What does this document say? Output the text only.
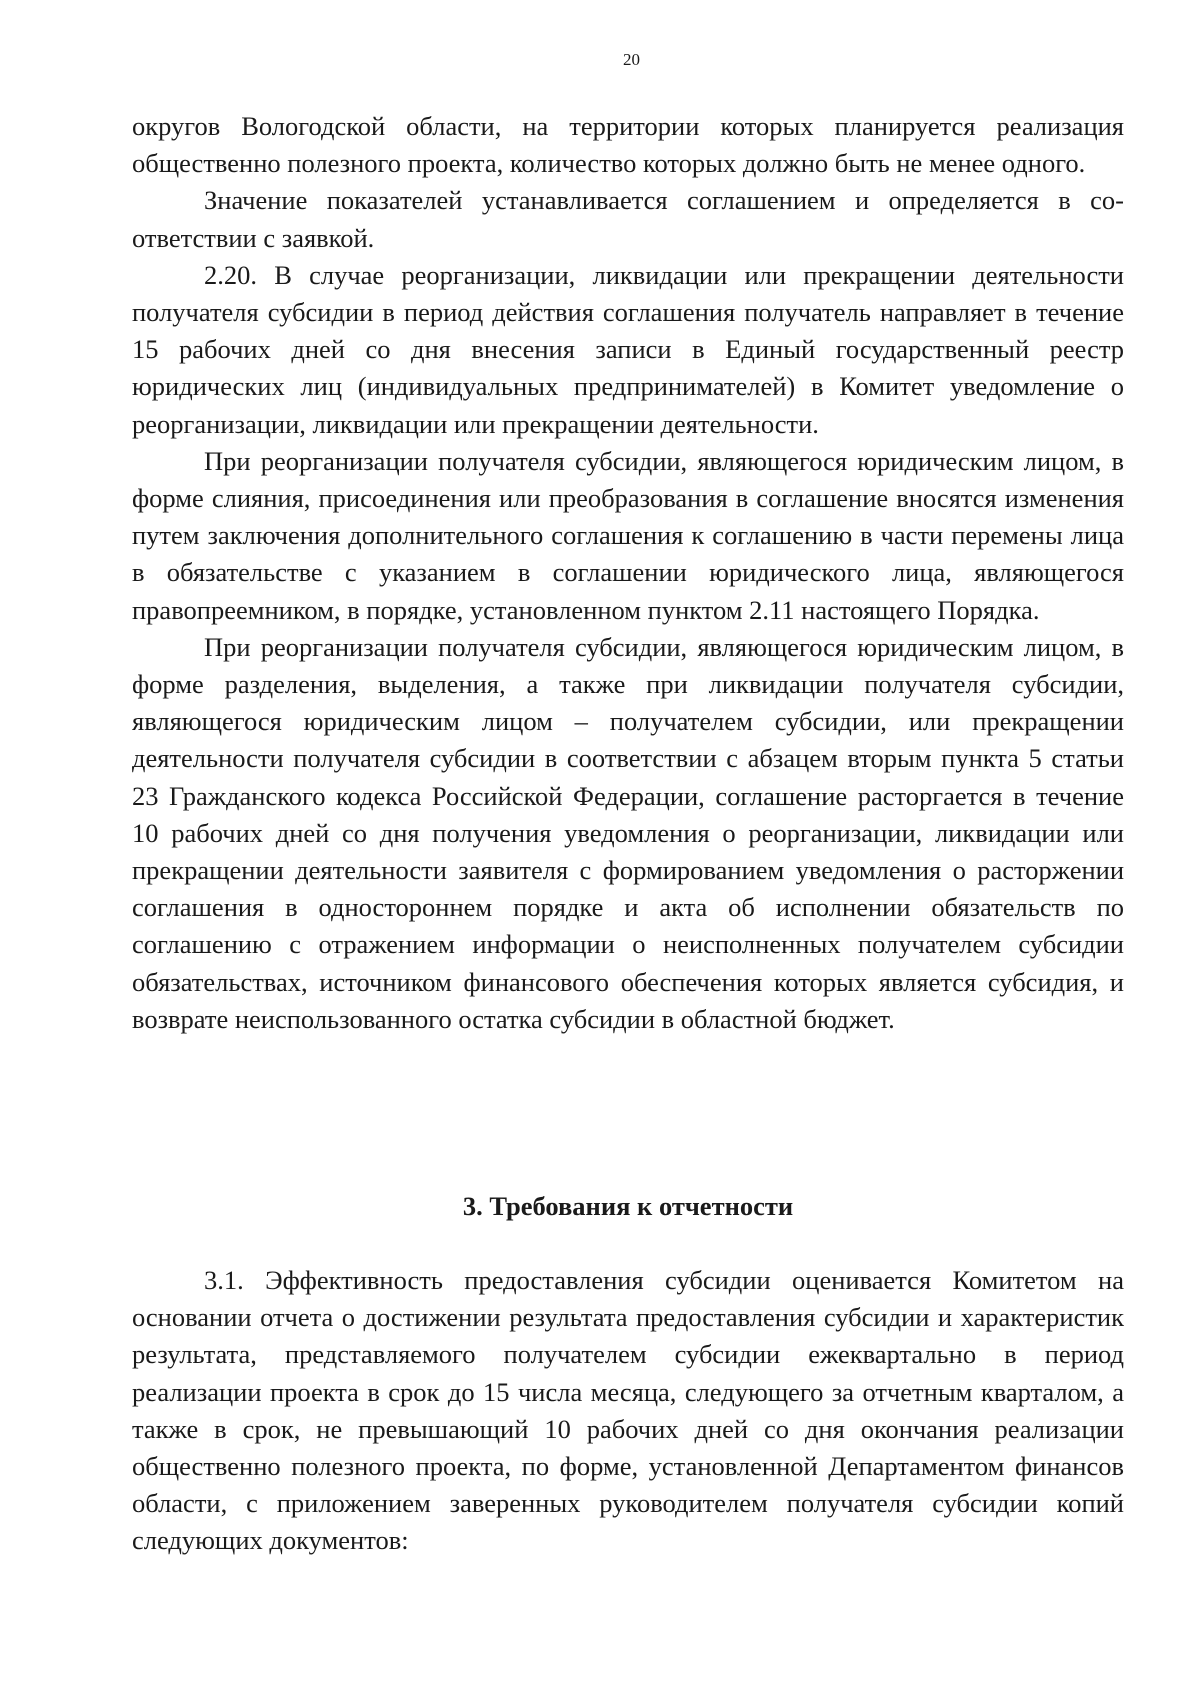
20

округов Вологодской области, на территории которых планируется реализация общественно полезного проекта, количество которых должно быть не менее одного.

Значение показателей устанавливается соглашением и определяется в соответствии с заявкой.

2.20. В случае реорганизации, ликвидации или прекращении деятельности получателя субсидии в период действия соглашения получатель направляет в течение 15 рабочих дней со дня внесения записи в Единый государственный реестр юридических лиц (индивидуальных предпринимателей) в Комитет уведомление о реорганизации, ликвидации или прекращении деятельности.

При реорганизации получателя субсидии, являющегося юридическим лицом, в форме слияния, присоединения или преобразования в соглашение вносятся изменения путем заключения дополнительного соглашения к соглашению в части перемены лица в обязательстве с указанием в соглашении юридического лица, являющегося правопреемником, в порядке, установленном пунктом 2.11 настоящего Порядка.

При реорганизации получателя субсидии, являющегося юридическим лицом, в форме разделения, выделения, а также при ликвидации получателя субсидии, являющегося юридическим лицом – получателем субсидии, или прекращении деятельности получателя субсидии в соответствии с абзацем вторым пункта 5 статьи 23 Гражданского кодекса Российской Федерации, соглашение расторгается в течение 10 рабочих дней со дня получения уведомления о реорганизации, ликвидации или прекращении деятельности заявителя с формированием уведомления о расторжении соглашения в одностороннем порядке и акта об исполнении обязательств по соглашению с отражением информации о неисполненных получателем субсидии обязательствах, источником финансового обеспечения которых является субсидия, и возврате неиспользованного остатка субсидии в областной бюджет.

3. Требования к отчетности

3.1. Эффективность предоставления субсидии оценивается Комитетом на основании отчета о достижении результата предоставления субсидии и характеристик результата, представляемого получателем субсидии ежеквартально в период реализации проекта в срок до 15 числа месяца, следующего за отчетным кварталом, а также в срок, не превышающий 10 рабочих дней со дня окончания реализации общественно полезного проекта, по форме, установленной Департаментом финансов области, с приложением заверенных руководителем получателя субсидии копий следующих документов:
